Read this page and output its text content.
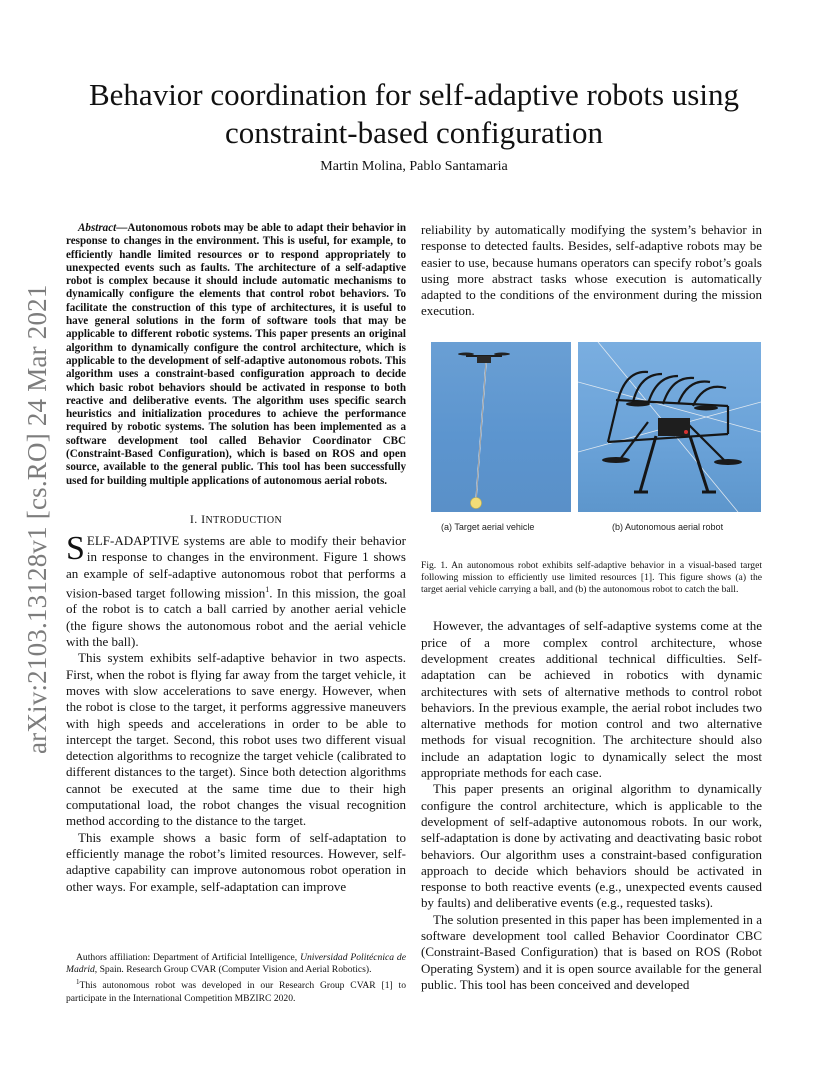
Behavior coordination for self-adaptive robots using constraint-based configuration
Martin Molina, Pablo Santamaria
arXiv:2103.13128v1 [cs.RO] 24 Mar 2021
Abstract—Autonomous robots may be able to adapt their behavior in response to changes in the environment. This is useful, for example, to efficiently handle limited resources or to respond appropriately to unexpected events such as faults. The architecture of a self-adaptive robot is complex because it should include automatic mechanisms to dynamically configure the elements that control robot behaviors. To facilitate the construction of this type of architectures, it is useful to have general solutions in the form of software tools that may be applicable to different robotic systems. This paper presents an original algorithm to dynamically configure the control architecture, which is applicable to the development of self-adaptive autonomous robots. This algorithm uses a constraint-based configuration approach to decide which basic robot behaviors should be activated in response to both reactive and deliberative events. The algorithm uses specific search heuristics and initialization procedures to achieve the performance required by robotic systems. The solution has been implemented as a software development tool called Behavior Coordinator CBC (Constraint-Based Configuration), which is based on ROS and open source, available to the general public. This tool has been successfully used for building multiple applications of autonomous aerial robots.
I. INTRODUCTION

SELF-ADAPTIVE systems are able to modify their behavior in response to changes in the environment. Figure 1 shows an example of self-adaptive autonomous robot that performs a vision-based target following mission$^1$. In this mission, the goal of the robot is to catch a ball carried by another aerial vehicle (the figure shows the autonomous robot and the aerial vehicle with the ball).

This system exhibits self-adaptive behavior in two aspects. First, when the robot is flying far away from the target vehicle, it moves with slow accelerations to save energy. However, when the robot is close to the target, it performs aggressive maneuvers with high speeds and accelerations in order to be able to intercept the target. Second, this robot uses two different visual detection algorithms to recognize the target vehicle (calibrated to different distances to the target). Since both detection algorithms cannot be executed at the same time due to their high computational load, the robot changes the visual recognition method according to the distance to the target.

This example shows a basic form of self-adaptation to efficiently manage the robot’s limited resources. However, self-adaptive capability can improve autonomous robot operation in other ways. For example, self-adaptation can improve

Authors affiliation: Department of Artificial Intelligence, Universidad Politécnica de Madrid, Spain. Research Group CVAR (Computer Vision and Aerial Robotics).

$^1$This autonomous robot was developed in our Research Group CVAR [1] to participate in the International Competition MBZIRC 2020.

reliability by automatically modifying the system’s behavior in response to detected faults. Besides, self-adaptive robots may be easier to use, because humans operators can specify robot’s goals using more abstract tasks whose execution is automatically adapted to the conditions of the environment during the mission execution.

(a) Target aerial vehicle	(b) Autonomous aerial robot
Fig. 1. An autonomous robot exhibits self-adaptive behavior in a visual-based target following mission to efficiently use limited resources [1]. This figure shows (a) the target aerial vehicle carrying a ball, and (b) the autonomous robot to catch the ball.

However, the advantages of self-adaptive systems come at the price of a more complex control architecture, whose development creates additional technical difficulties. Self-adaptation can be achieved in robotics with dynamic architectures with sets of alternative methods to control robot behaviors. In the previous example, the aerial robot includes two alternative methods for motion control and two alternative methods for visual recognition. The architecture should also include an adaptation logic to dynamically select the most appropriate methods for each case.

This paper presents an original algorithm to dynamically configure the control architecture, which is applicable to the development of self-adaptive autonomous robots. In our work, self-adaptation is done by activating and deactivating basic robot behaviors. Our algorithm uses a constraint-based configuration approach to decide which behaviors should be activated in response to both reactive events (e.g., unexpected events caused by faults) and deliberative events (e.g., requested tasks).

The solution presented in this paper has been implemented in a software development tool called Behavior Coordinator CBC (Constraint-Based Configuration) that is based on ROS (Robot Operating System) and it is open source available for the general public. This tool has been conceived and developed
